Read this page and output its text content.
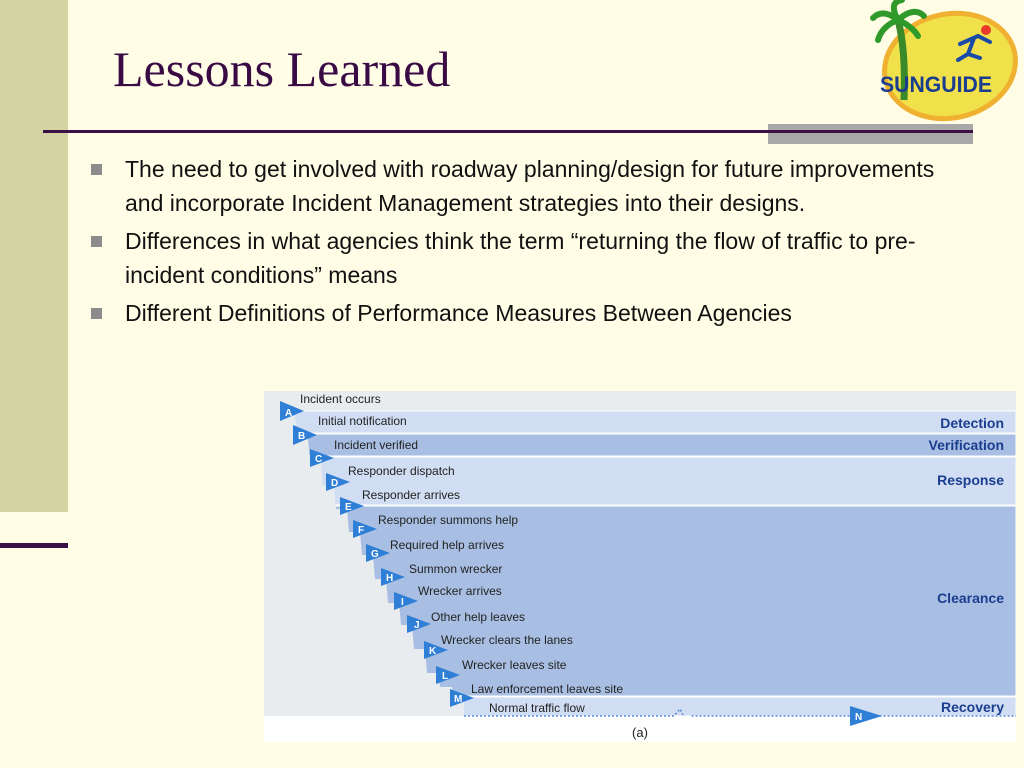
Lessons Learned	SUNGUIDE
The need to get involved with roadway planning/design for future improvements and incorporate Incident Management strategies into their designs.
Differences in what agencies think the term “returning the flow of traffic to pre-incident conditions” means
Different Definitions of Performance Measures Between Agencies
(a)
Detection
Verification
Response
Clearance
Recovery
A
Incident occurs
B
Initial notification
C
Incident verified
D
Responder dispatch
E
Responder arrives
F
Responder summons help
G
Required help arrives
H
Summon wrecker
I
Wrecker arrives
J
Other help leaves
K
Wrecker clears the lanes
L
Wrecker leaves site
M
Law enforcement leaves site
Normal traffic flow
N
